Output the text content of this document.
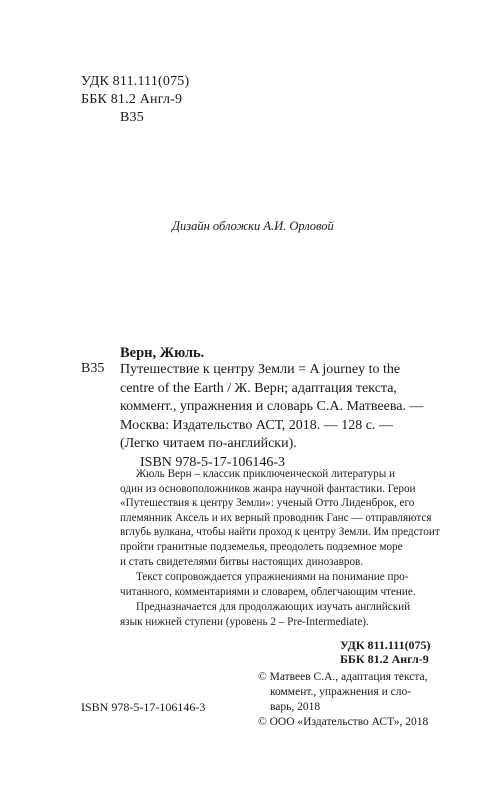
УДК 811.111(075)
ББК 81.2 Англ-9
В35
Дизайн обложки А.И. Орловой
Верн, Жюль.
В35 Путешествие к центру Земли = A journey to the
centre of the Earth / Ж. Верн; адаптация текста,
коммент., упражнения и словарь С.А. Матвеева. —
Москва: Издательство АСТ, 2018. — 128 с. —
(Легко читаем по-английски).
ISBN 978-5-17-106146-3
Жюль Верн – классик приключенческой литературы и
один из основоположников жанра научной фантастики. Герои
«Путешествия к центру Земли»: ученый Отто Лиденброк, его
племянник Аксель и их верный проводник Ганс — отправляются
вглубь вулкана, чтобы найти проход к центру Земли. Им предстоит
пройти гранитные подземелья, преодолеть подземное море
и стать свидетелями битвы настоящих динозавров.
Текст сопровождается упражнениями на понимание про-
читанного, комментариями и словарем, облегчающим чтение.
Предназначается для продолжающих изучать английский
язык нижней ступени (уровень 2 – Pre-Intermediate).
УДК 811.111(075)
ББК 81.2 Англ-9
© Матвеев С.А., адаптация текста,
коммент., упражнения и сло-
варь, 2018
© ООО «Издательство АСТ», 2018
ISBN 978-5-17-106146-3
